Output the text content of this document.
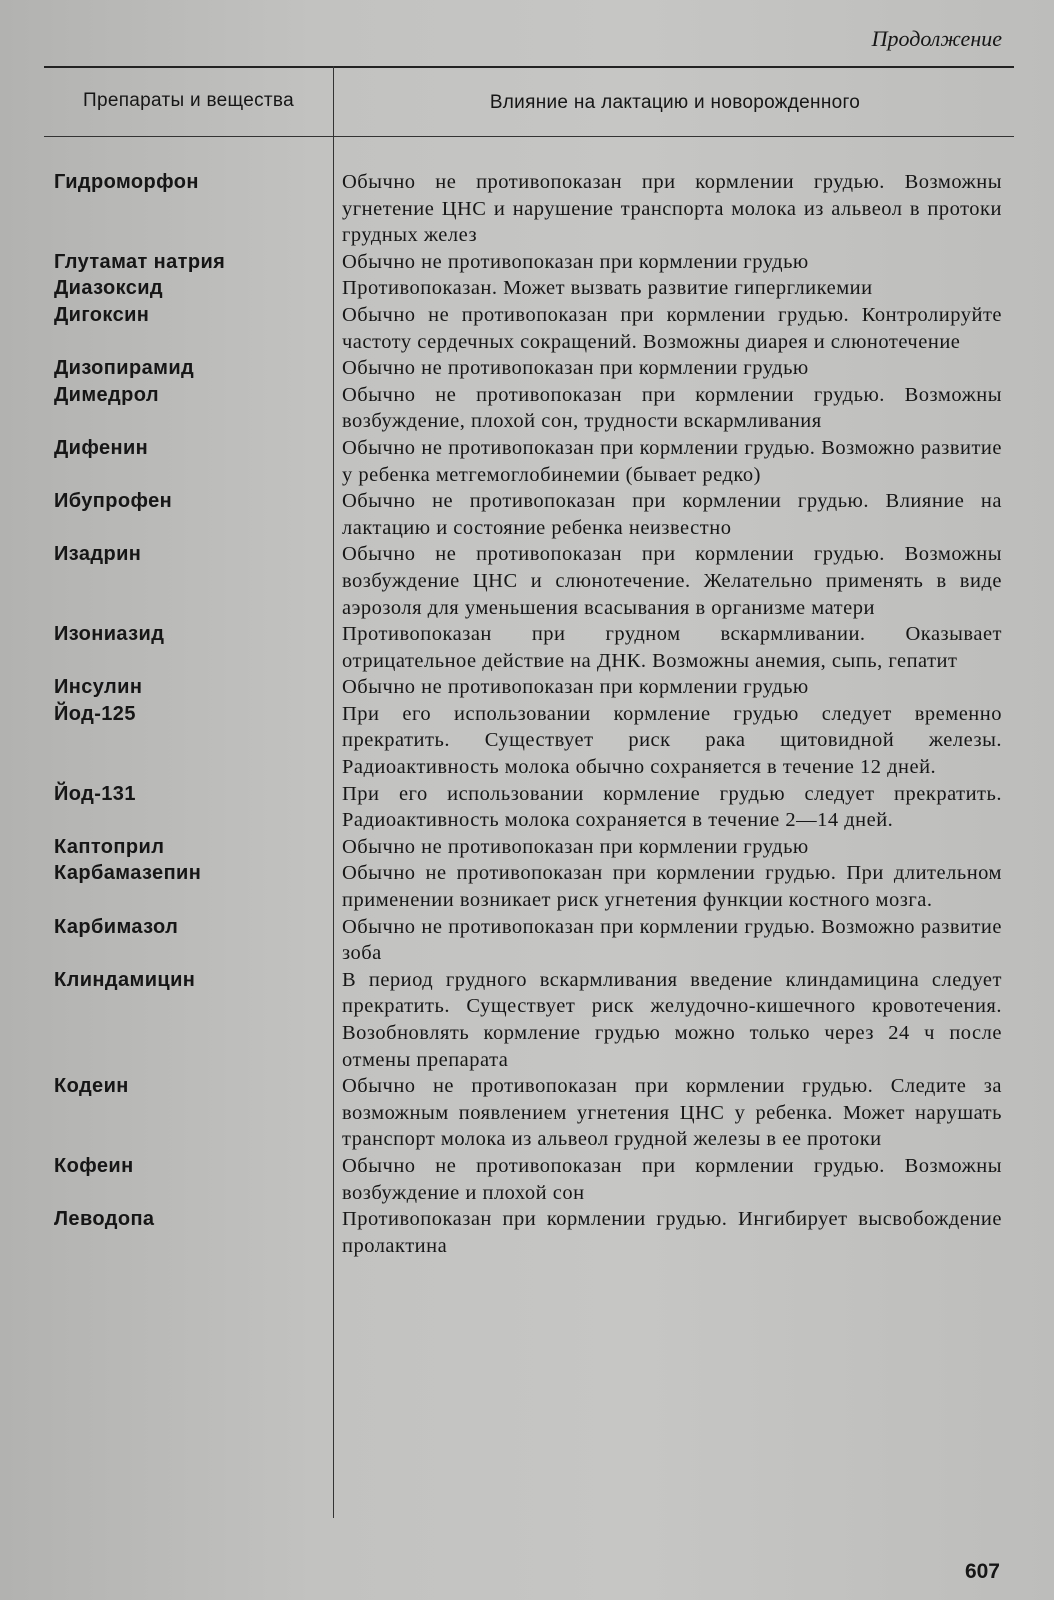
Продолжение
Препараты и вещества	Влияние на лактацию и новорожденного
Гидроморфон	Обычно не противопоказан при кормлении грудью. Возможны угнетение ЦНС и нарушение транспорта молока из альвеол в протоки грудных желез
Глутамат натрия	Обычно не противопоказан при кормлении грудью
Диазоксид	Противопоказан. Может вызвать развитие гипергликемии
Дигоксин	Обычно не противопоказан при кормлении грудью. Контролируйте частоту сердечных сокращений. Возможны диарея и слюнотечение
Дизопирамид	Обычно не противопоказан при кормлении грудью
Димедрол	Обычно не противопоказан при кормлении грудью. Возможны возбуждение, плохой сон, трудности вскармливания
Дифенин	Обычно не противопоказан при кормлении грудью. Возможно развитие у ребенка метгемоглобинемии (бывает редко)
Ибупрофен	Обычно не противопоказан при кормлении грудью. Влияние на лактацию и состояние ребенка неизвестно
Изадрин	Обычно не противопоказан при кормлении грудью. Возможны возбуждение ЦНС и слюнотечение. Желательно применять в виде аэрозоля для уменьшения всасывания в организме матери
Изониазид	Противопоказан при грудном вскармливании. Оказывает отрицательное действие на ДНК. Возможны анемия, сыпь, гепатит
Инсулин	Обычно не противопоказан при кормлении грудью
Йод-125	При его использовании кормление грудью следует временно прекратить. Существует риск рака щитовидной железы. Радиоактивность молока обычно сохраняется в течение 12 дней.
Йод-131	При его использовании кормление грудью следует прекратить. Радиоактивность молока сохраняется в течение 2—14 дней.
Каптоприл	Обычно не противопоказан при кормлении грудью
Карбамазепин	Обычно не противопоказан при кормлении грудью. При длительном применении возникает риск угнетения функции костного мозга.
Карбимазол	Обычно не противопоказан при кормлении грудью. Возможно развитие зоба
Клиндамицин	В период грудного вскармливания введение клиндамицина следует прекратить. Существует риск желудочно-кишечного кровотечения. Возобновлять кормление грудью можно только через 24 ч после отмены препарата
Кодеин	Обычно не противопоказан при кормлении грудью. Следите за возможным появлением угнетения ЦНС у ребенка. Может нарушать транспорт молока из альвеол грудной железы в ее протоки
Кофеин	Обычно не противопоказан при кормлении грудью. Возможны возбуждение и плохой сон
Леводопа	Противопоказан при кормлении грудью. Ингибирует высвобождение пролактина
607
